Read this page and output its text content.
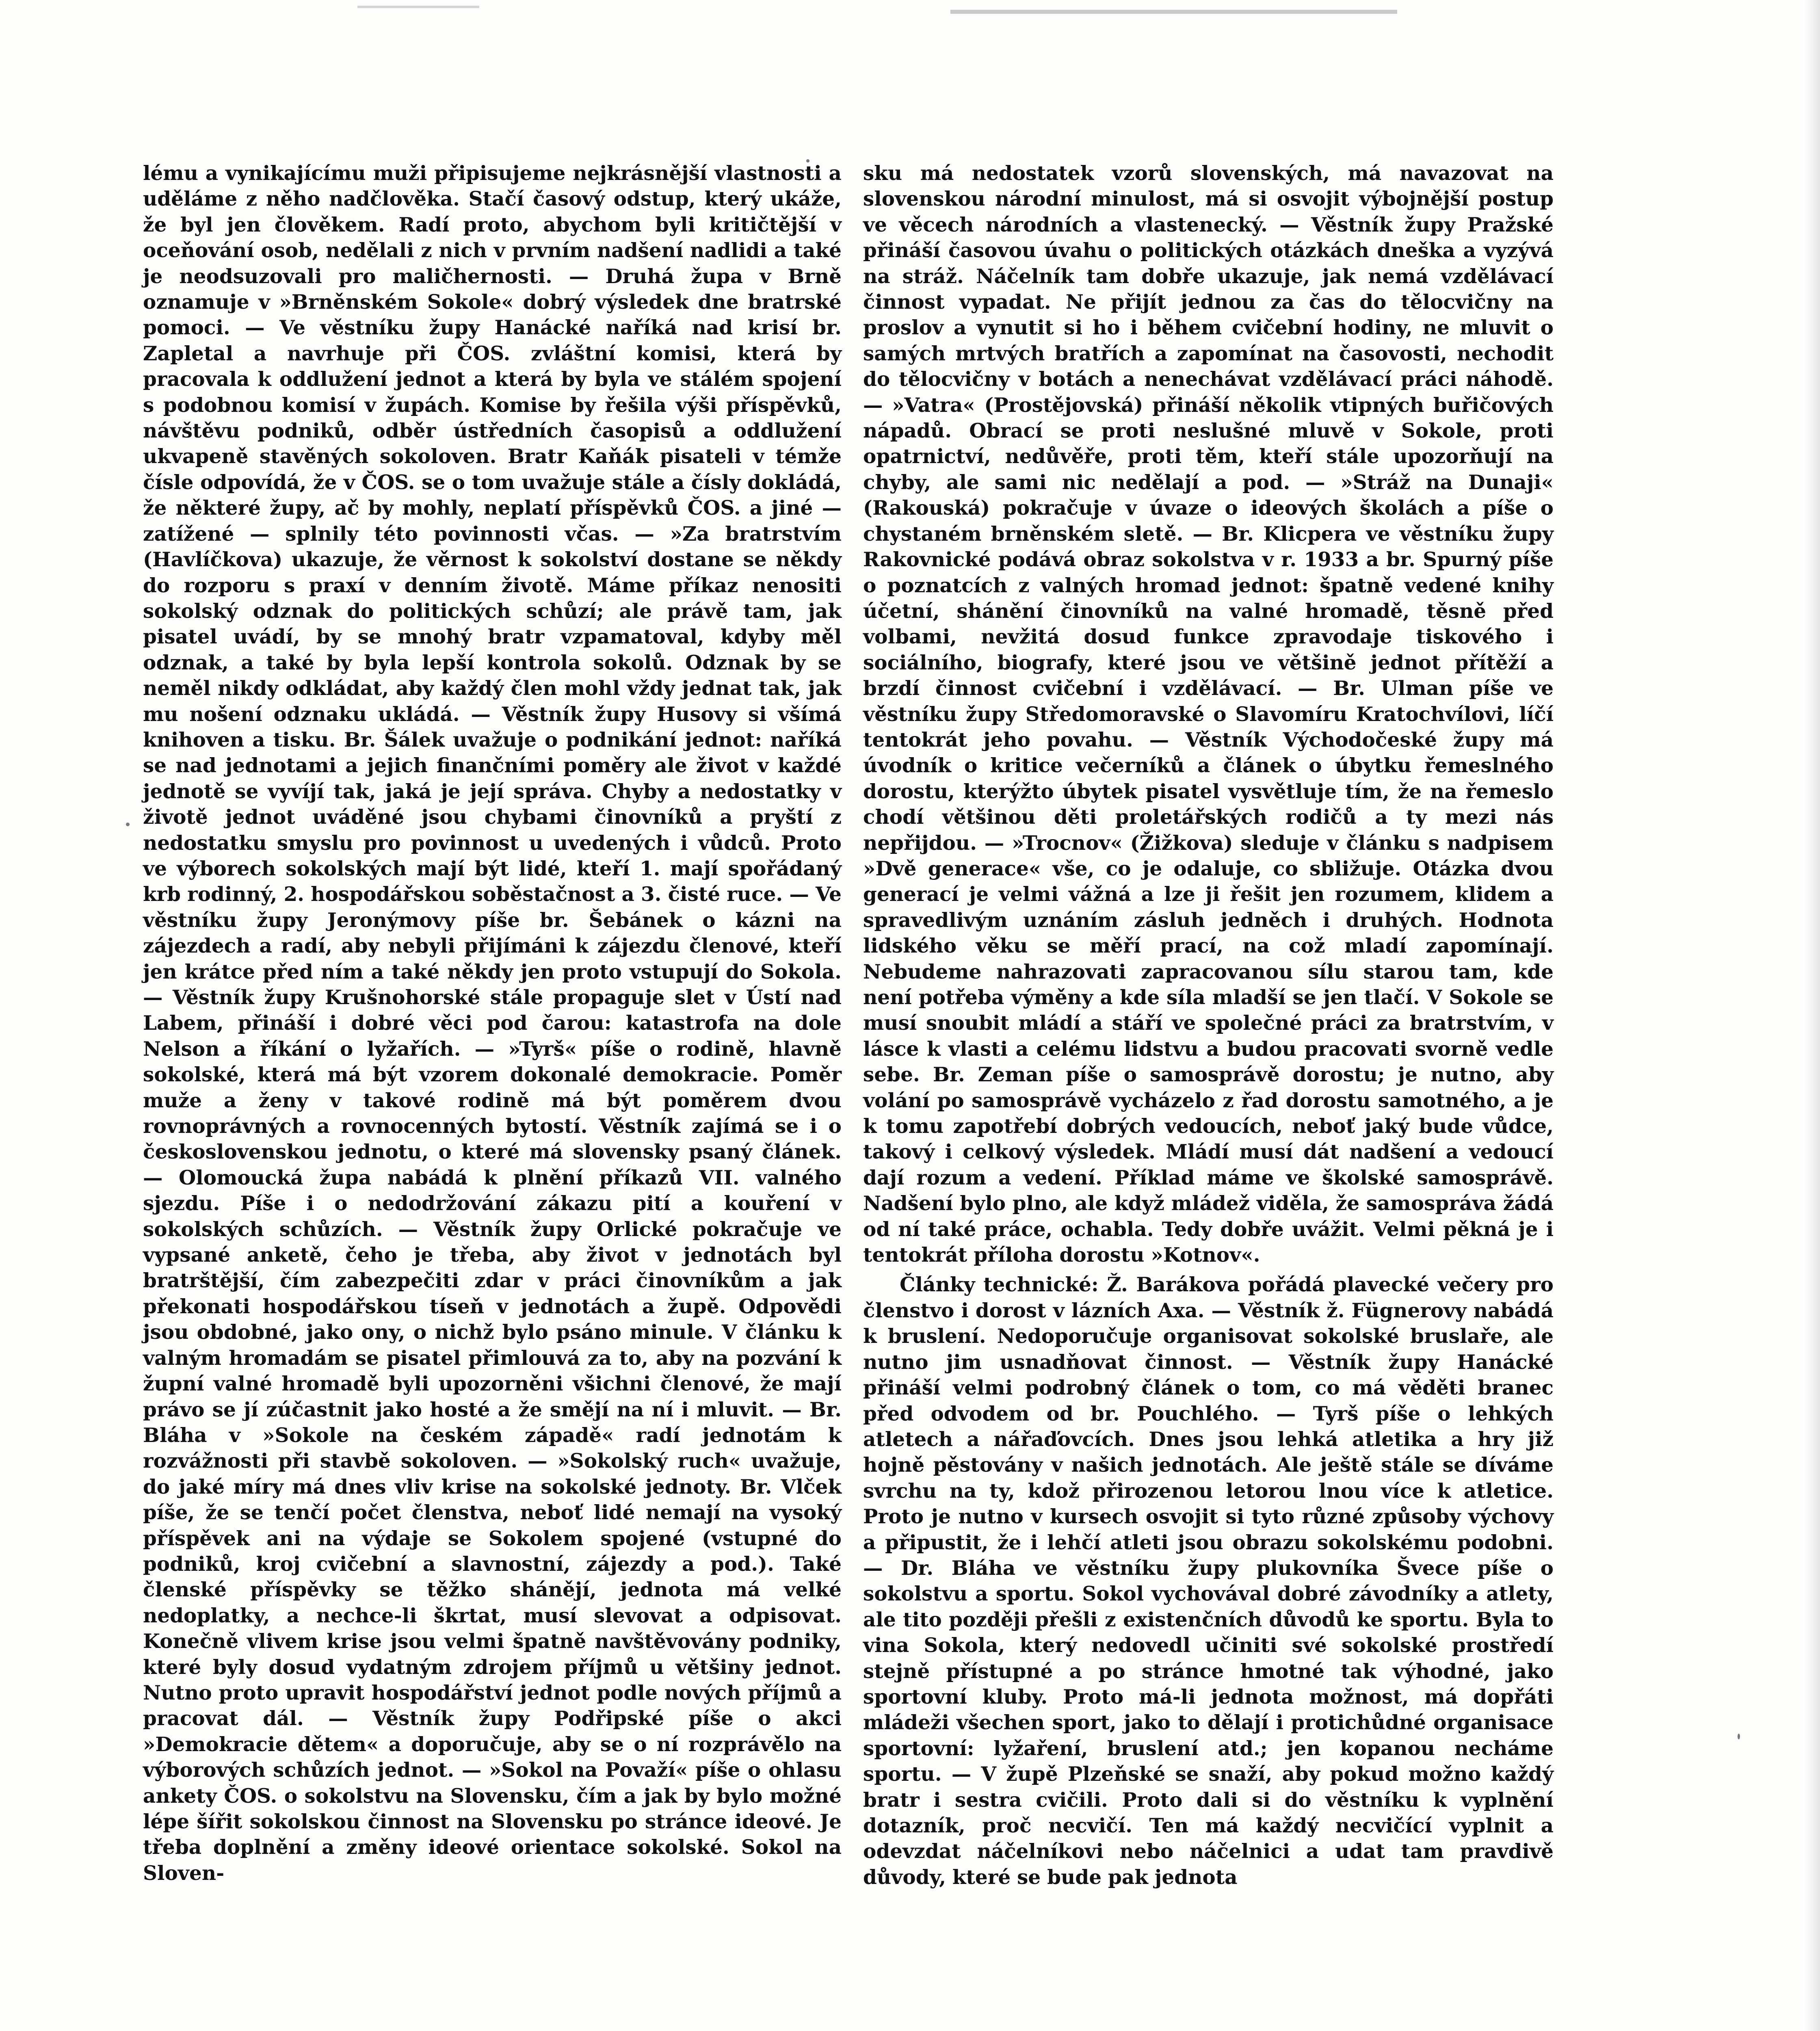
lému a vynikajícímu muži připisujeme nejkrásnější vlastnosti a uděláme z něho nadčlověka. Stačí časový odstup, který ukáže, že byl jen člověkem. Radí proto, abychom byli kritičtější v oceňování osob, nedělali z nich v prvním nadšení nadlidi a také je neodsuzovali pro maličhernosti. — Druhá župa v Brně oznamuje v »Brněnském Sokole« dobrý výsledek dne bratrské pomoci. — Ve věstníku župy Hanácké naříká nad krisí br. Zapletal a navrhuje při ČOS. zvláštní komisi, která by pracovala k oddlužení jednot a která by byla ve stálém spojení s podobnou komisí v župách. Komise by řešila výši příspěvků, návštěvu podniků, odběr ústředních časopisů a oddlužení ukvapeně stavěných sokoloven. Bratr Kaňák pisateli v témže čísle odpovídá, že v ČOS. se o tom uvažuje stále a čísly dokládá, že některé župy, ač by mohly, neplatí příspěvků ČOS. a jiné — zatížené — splnily této povinnosti včas. — »Za bratrstvím (Havlíčkova) ukazuje, že věrnost k sokolství dostane se někdy do rozporu s praxí v denním životě. Máme příkaz nenositi sokolský odznak do politických schůzí; ale právě tam, jak pisatel uvádí, by se mnohý bratr vzpamatoval, kdyby měl odznak, a také by byla lepší kontrola sokolů. Odznak by se neměl nikdy odkládat, aby každý člen mohl vždy jednat tak, jak mu nošení odznaku ukládá. — Věstník župy Husovy si všímá knihoven a tisku. Br. Šálek uvažuje o podnikání jednot: naříká se nad jednotami a jejich finančními poměry ale život v každé jednotě se vyvíjí tak, jaká je její správa. Chyby a nedostatky v životě jednot uváděné jsou chybami činovníků a pryští z nedostatku smyslu pro povinnost u uvedených i vůdců. Proto ve výborech sokolských mají být lidé, kteří 1. mají spořádaný krb rodinný, 2. hospodářskou soběstačnost a 3. čisté ruce. — Ve věstníku župy Jeronýmovy píše br. Šebánek o kázni na zájezdech a radí, aby nebyli přijímáni k zájezdu členové, kteří jen krátce před ním a také někdy jen proto vstupují do Sokola. — Věstník župy Krušnohorské stále propaguje slet v Ústí nad Labem, přináší i dobré věci pod čarou: katastrofa na dole Nelson a říkání o lyžařích. — »Tyrš« píše o rodině, hlavně sokolské, která má být vzorem dokonalé demokracie. Poměr muže a ženy v takové rodině má být poměrem dvou rovnoprávných a rovnocenných bytostí. Věstník zajímá se i o československou jednotu, o které má slovensky psaný článek. — Olomoucká župa nabádá k plnění příkazů VII. valného sjezdu. Píše i o nedodržování zákazu pití a kouření v sokolských schůzích. — Věstník župy Orlické pokračuje ve vypsané anketě, čeho je třeba, aby život v jednotách byl bratrštější, čím zabezpečiti zdar v práci činovníkům a jak překonati hospodářskou tíseň v jednotách a župě. Odpovědi jsou obdobné, jako ony, o nichž bylo psáno minule. V článku k valným hromadám se pisatel přimlouvá za to, aby na pozvání k župní valné hromadě byli upozorněni všichni členové, že mají právo se jí zúčastnit jako hosté a že smějí na ní i mluvit. — Br. Bláha v »Sokole na českém západě« radí jednotám k rozvážnosti při stavbě sokoloven. — »Sokolský ruch« uvažuje, do jaké míry má dnes vliv krise na sokolské jednoty. Br. Vlček píše, že se tenčí počet členstva, neboť lidé nemají na vysoký příspěvek ani na výdaje se Sokolem spojené (vstupné do podniků, kroj cvičební a slavnostní, zájezdy a pod.). Také členské příspěvky se těžko shánějí, jednota má velké nedoplatky, a nechce-li škrtat, musí slevovat a odpisovat. Konečně vlivem krise jsou velmi špatně navštěvovány podniky, které byly dosud vydatným zdrojem příjmů u většiny jednot. Nutno proto upravit hospodářství jednot podle nových příjmů a pracovat dál. — Věstník župy Podřipské píše o akci »Demokracie dětem« a doporučuje, aby se o ní rozprávělo na výborových schůzích jednot. — »Sokol na Považí« píše o ohlasu ankety ČOS. o sokolstvu na Slovensku, čím a jak by bylo možné lépe šířit sokolskou činnost na Slovensku po stránce ideové. Je třeba doplnění a změny ideové orientace sokolské. Sokol na Sloven-

sku má nedostatek vzorů slovenských, má navazovat na slovenskou národní minulost, má si osvojit výbojnější postup ve věcech národních a vlastenecký. — Věstník župy Pražské přináší časovou úvahu o politických otázkách dneška a vyzývá na stráž. Náčelník tam dobře ukazuje, jak nemá vzdělávací činnost vypadat. Ne přijít jednou za čas do tělocvičny na proslov a vynutit si ho i během cvičební hodiny, ne mluvit o samých mrtvých bratřích a zapomínat na časovosti, nechodit do tělocvičny v botách a nenechávat vzdělávací práci náhodě. — »Vatra« (Prostějovská) přináší několik vtipných buřičových nápadů. Obrací se proti neslušné mluvě v Sokole, proti opatrnictví, nedůvěře, proti těm, kteří stále upozorňují na chyby, ale sami nic nedělají a pod. — »Stráž na Dunaji« (Rakouská) pokračuje v úvaze o ideových školách a píše o chystaném brněnském sletě. — Br. Klicpera ve věstníku župy Rakovnické podává obraz sokolstva v r. 1933 a br. Spurný píše o poznatcích z valných hromad jednot: špatně vedené knihy účetní, shánění činovníků na valné hromadě, těsně před volbami, nevžitá dosud funkce zpravodaje tiskového i sociálního, biografy, které jsou ve většině jednot přítěží a brzdí činnost cvičební i vzdělávací. — Br. Ulman píše ve věstníku župy Středomoravské o Slavomíru Kratochvílovi, líčí tentokrát jeho povahu. — Věstník Východočeské župy má úvodník o kritice večerníků a článek o úbytku řemeslného dorostu, kterýžto úbytek pisatel vysvětluje tím, že na řemeslo chodí většinou děti proletářských rodičů a ty mezi nás nepřijdou. — »Trocnov« (Žižkova) sleduje v článku s nadpisem »Dvě generace« vše, co je odaluje, co sbližuje. Otázka dvou generací je velmi vážná a lze ji řešit jen rozumem, klidem a spravedlivým uznáním zásluh jedněch i druhých. Hodnota lidského věku se měří prací, na což mladí zapomínají. Nebudeme nahrazovati zapracovanou sílu starou tam, kde není potřeba výměny a kde síla mladší se jen tlačí. V Sokole se musí snoubit mládí a stáří ve společné práci za bratrstvím, v lásce k vlasti a celému lidstvu a budou pracovati svorně vedle sebe. Br. Zeman píše o samosprávě dorostu; je nutno, aby volání po samosprávě vycházelo z řad dorostu samotného, a je k tomu zapotřebí dobrých vedoucích, neboť jaký bude vůdce, takový i celkový výsledek. Mládí musí dát nadšení a vedoucí dají rozum a vedení. Příklad máme ve školské samosprávě. Nadšení bylo plno, ale když mládež viděla, že samospráva žádá od ní také práce, ochabla. Tedy dobře uvážit. Velmi pěkná je i tentokrát příloha dorostu »Kotnov«.

Články technické: Ž. Barákova pořádá plavecké večery pro členstvo i dorost v lázních Axa. — Věstník ž. Fügnerovy nabádá k bruslení. Nedoporučuje organisovat sokolské bruslaře, ale nutno jim usnadňovat činnost. — Věstník župy Hanácké přináší velmi podrobný článek o tom, co má věděti branec před odvodem od br. Pouchlého. — Tyrš píše o lehkých atletech a nářaďovcích. Dnes jsou lehká atletika a hry již hojně pěstovány v našich jednotách. Ale ještě stále se díváme svrchu na ty, kdož přirozenou letorou lnou více k atletice. Proto je nutno v kursech osvojit si tyto různé způsoby výchovy a připustit, že i lehčí atleti jsou obrazu sokolskému podobni. — Dr. Bláha ve věstníku župy plukovníka Švece píše o sokolstvu a sportu. Sokol vychovával dobré závodníky a atlety, ale tito později přešli z existenčních důvodů ke sportu. Byla to vina Sokola, který nedovedl učiniti své sokolské prostředí stejně přístupné a po stránce hmotné tak výhodné, jako sportovní kluby. Proto má-li jednota možnost, má dopřáti mládeži všechen sport, jako to dělají i protichůdné organisace sportovní: lyžaření, bruslení atd.; jen kopanou necháme sportu. — V župě Plzeňské se snaží, aby pokud možno každý bratr i sestra cvičili. Proto dali si do věstníku k vyplnění dotazník, proč necvičí. Ten má každý necvičící vyplnit a odevzdat náčelníkovi nebo náčelnici a udat tam pravdivě důvody, které se bude pak jednota
